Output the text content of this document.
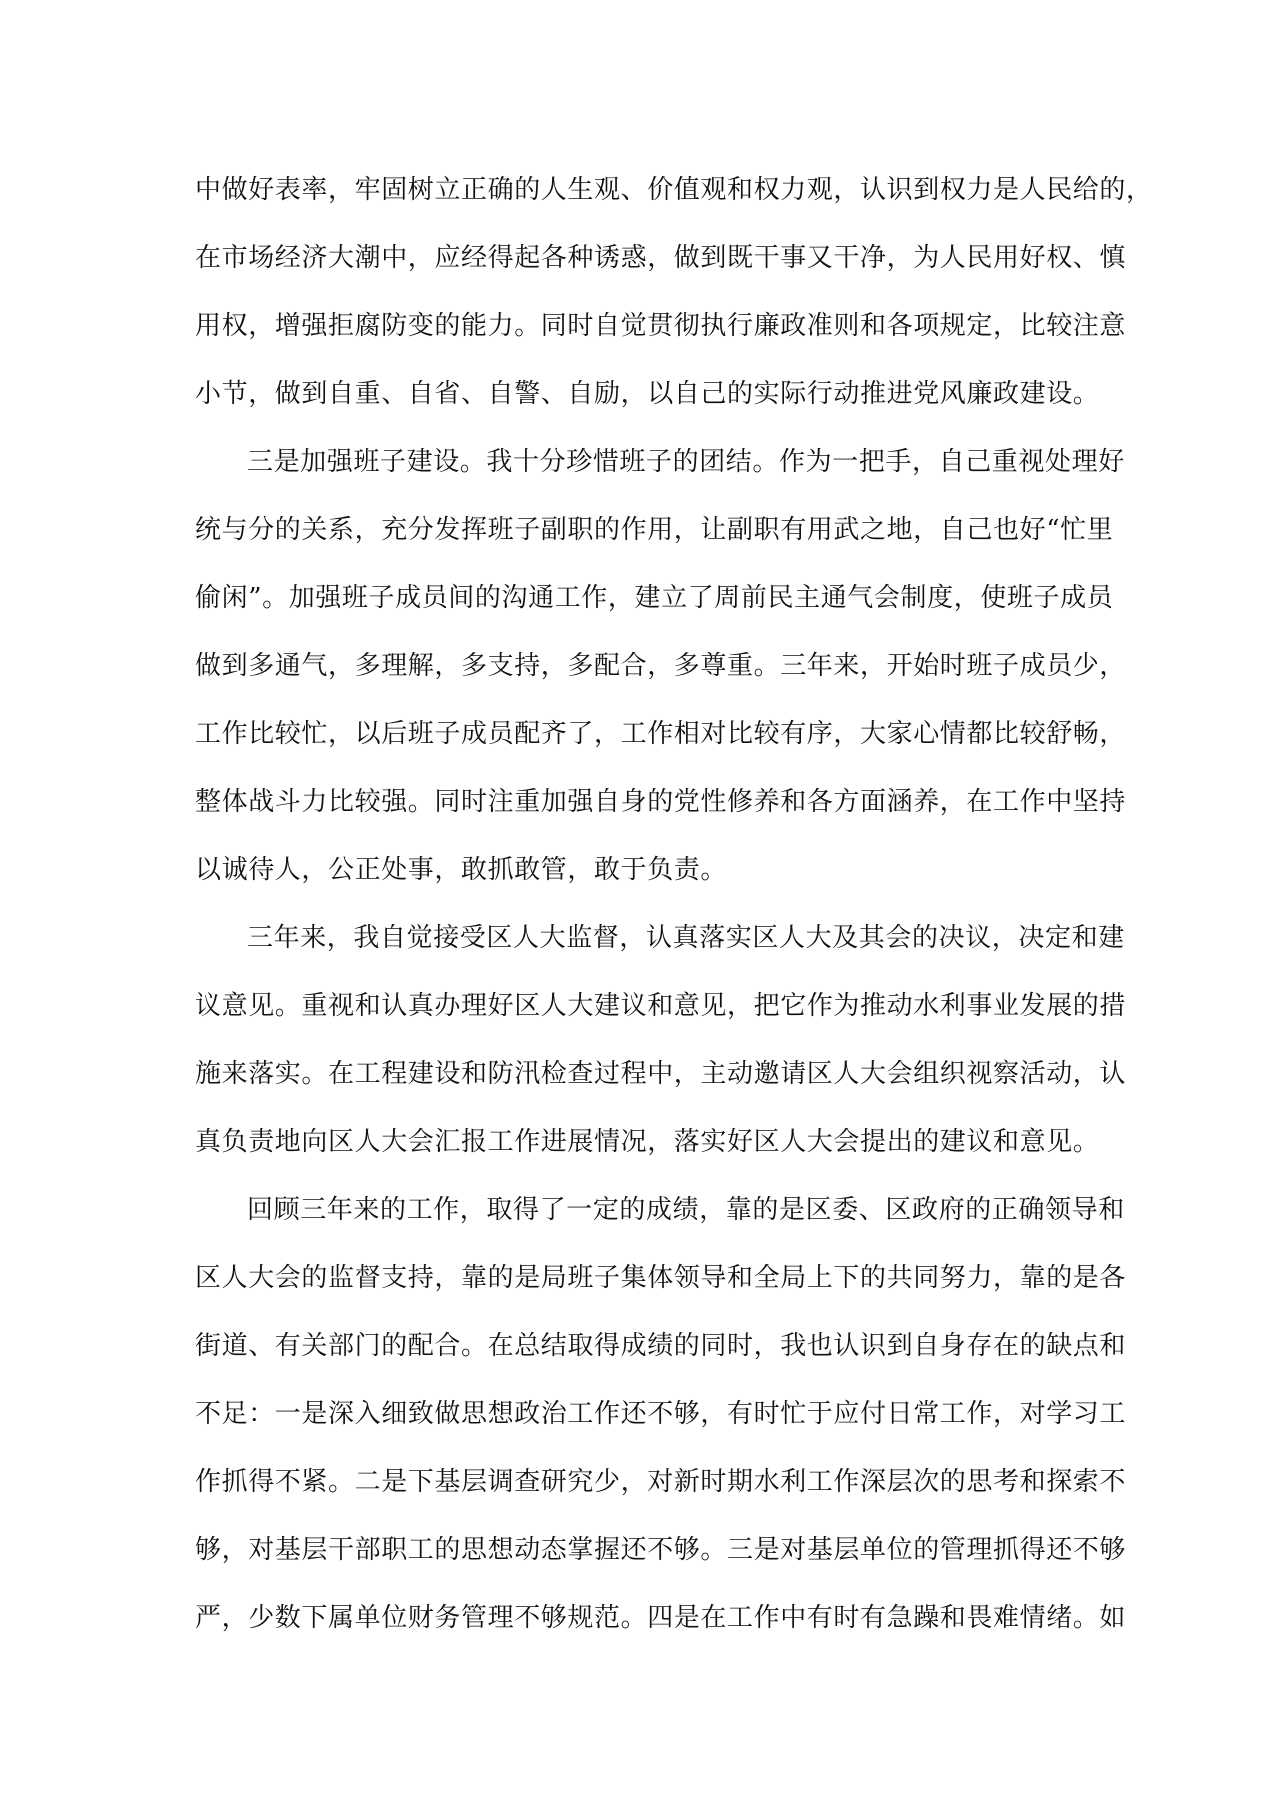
中做好表率，牢固树立正确的人生观、价值观和权力观，认识到权力是人民给的，
在市场经济大潮中，应经得起各种诱惑，做到既干事又干净，为人民用好权、慎
用权，增强拒腐防变的能力。同时自觉贯彻执行廉政准则和各项规定，比较注意
小节，做到自重、自省、自警、自励，以自己的实际行动推进党风廉政建设。
三是加强班子建设。我十分珍惜班子的团结。作为一把手，自己重视处理好
统与分的关系，充分发挥班子副职的作用，让副职有用武之地，自己也好“忙里
偷闲”。加强班子成员间的沟通工作，建立了周前民主通气会制度，使班子成员
做到多通气，多理解，多支持，多配合，多尊重。三年来，开始时班子成员少，
工作比较忙，以后班子成员配齐了，工作相对比较有序，大家心情都比较舒畅，
整体战斗力比较强。同时注重加强自身的党性修养和各方面涵养，在工作中坚持
以诚待人，公正处事，敢抓敢管，敢于负责。
三年来，我自觉接受区人大监督，认真落实区人大及其会的决议，决定和建
议意见。重视和认真办理好区人大建议和意见，把它作为推动水利事业发展的措
施来落实。在工程建设和防汛检查过程中，主动邀请区人大会组织视察活动，认
真负责地向区人大会汇报工作进展情况，落实好区人大会提出的建议和意见。
回顾三年来的工作，取得了一定的成绩，靠的是区委、区政府的正确领导和
区人大会的监督支持，靠的是局班子集体领导和全局上下的共同努力，靠的是各
街道、有关部门的配合。在总结取得成绩的同时，我也认识到自身存在的缺点和
不足：一是深入细致做思想政治工作还不够，有时忙于应付日常工作，对学习工
作抓得不紧。二是下基层调查研究少，对新时期水利工作深层次的思考和探索不
够，对基层干部职工的思想动态掌握还不够。三是对基层单位的管理抓得还不够
严，少数下属单位财务管理不够规范。四是在工作中有时有急躁和畏难情绪。如
